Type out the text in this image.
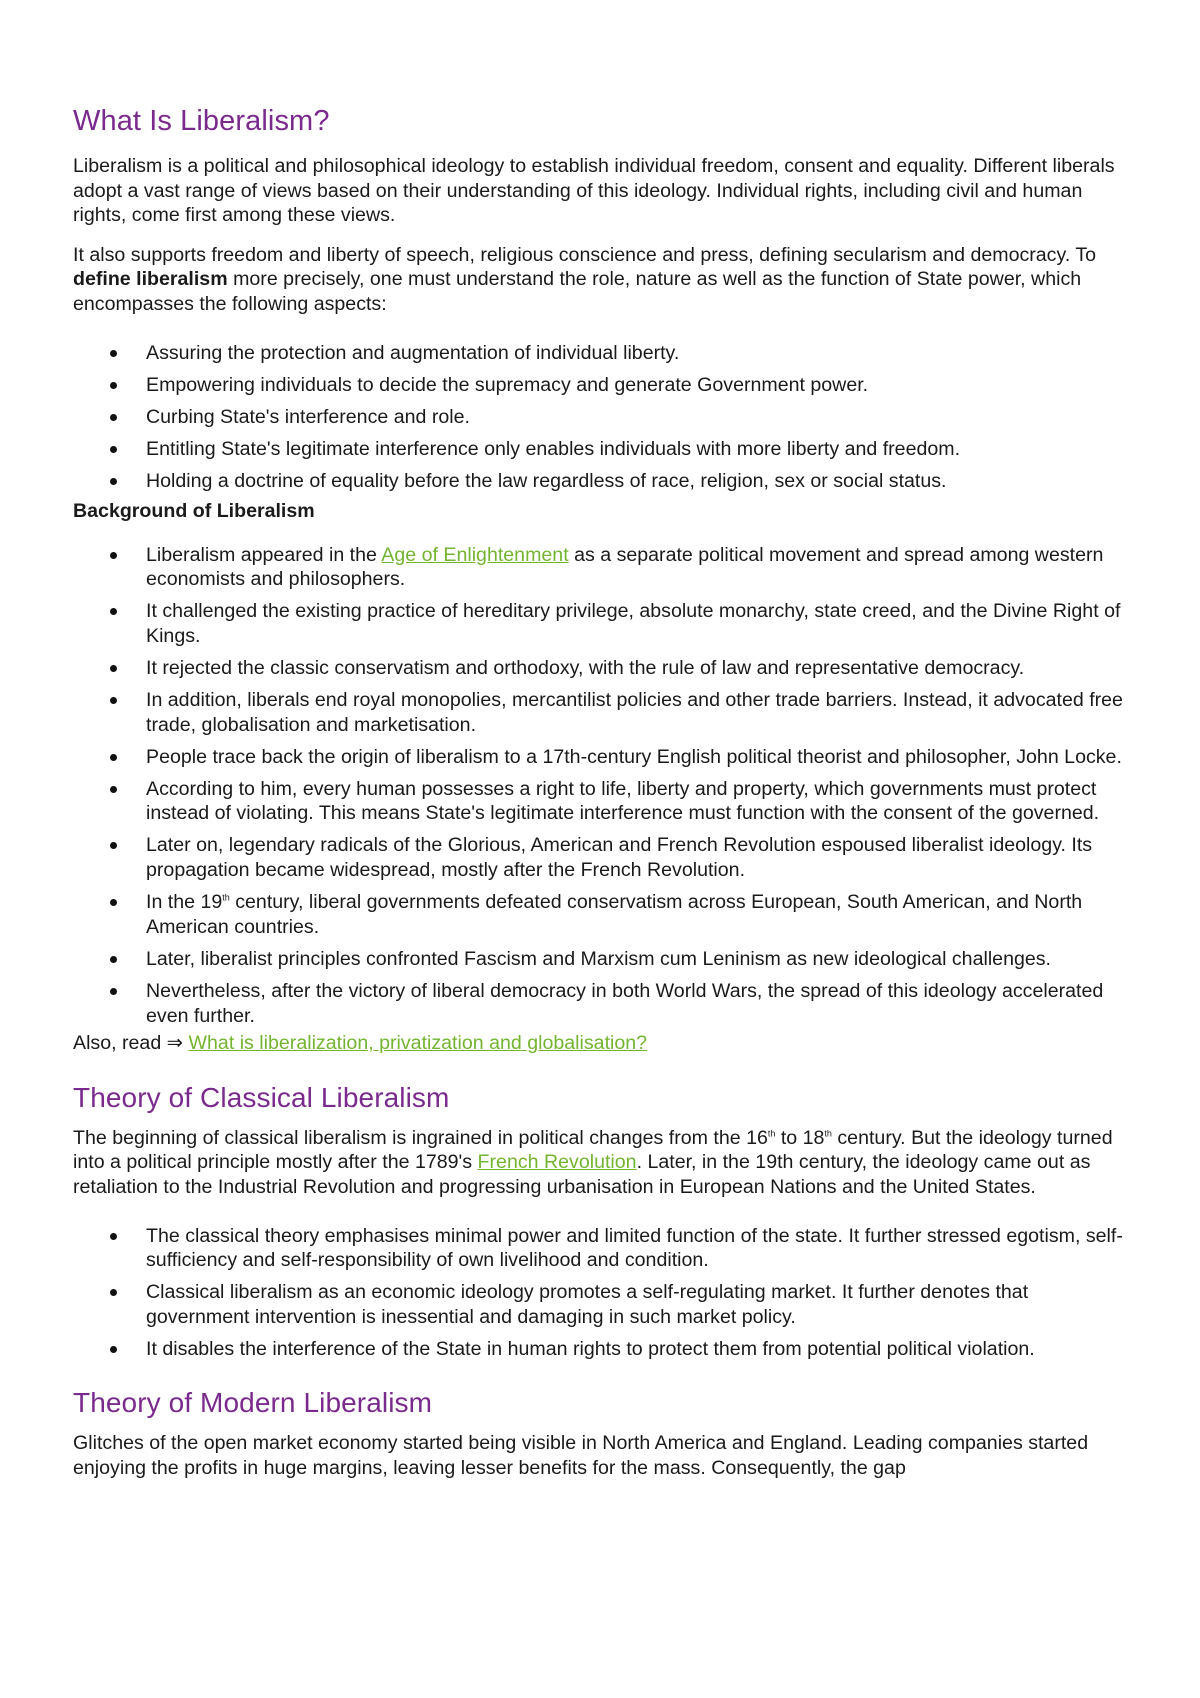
What Is Liberalism?

Liberalism is a political and philosophical ideology to establish individual freedom, consent and equality. Different liberals adopt a vast range of views based on their understanding of this ideology. Individual rights, including civil and human rights, come first among these views.

It also supports freedom and liberty of speech, religious conscience and press, defining secularism and democracy. To define liberalism more precisely, one must understand the role, nature as well as the function of State power, which encompasses the following aspects:

Assuring the protection and augmentation of individual liberty.
Empowering individuals to decide the supremacy and generate Government power.
Curbing State's interference and role.
Entitling State's legitimate interference only enables individuals with more liberty and freedom.
Holding a doctrine of equality before the law regardless of race, religion, sex or social status.
Background of Liberalism
Liberalism appeared in the Age of Enlightenment as a separate political movement and spread among western economists and philosophers.
It challenged the existing practice of hereditary privilege, absolute monarchy, state creed, and the Divine Right of Kings.
It rejected the classic conservatism and orthodoxy, with the rule of law and representative democracy.
In addition, liberals end royal monopolies, mercantilist policies and other trade barriers. Instead, it advocated free trade, globalisation and marketisation.
People trace back the origin of liberalism to a 17th-century English political theorist and philosopher, John Locke.
According to him, every human possesses a right to life, liberty and property, which governments must protect instead of violating. This means State's legitimate interference must function with the consent of the governed.
Later on, legendary radicals of the Glorious, American and French Revolution espoused liberalist ideology. Its propagation became widespread, mostly after the French Revolution.
In the 19th century, liberal governments defeated conservatism across European, South American, and North American countries.
Later, liberalist principles confronted Fascism and Marxism cum Leninism as new ideological challenges.
Nevertheless, after the victory of liberal democracy in both World Wars, the spread of this ideology accelerated even further.

Also, read ⇒ What is liberalization, privatization and globalisation?

Theory of Classical Liberalism

The beginning of classical liberalism is ingrained in political changes from the 16th to 18th century. But the ideology turned into a political principle mostly after the 1789's French Revolution. Later, in the 19th century, the ideology came out as retaliation to the Industrial Revolution and progressing urbanisation in European Nations and the United States.

The classical theory emphasises minimal power and limited function of the state. It further stressed egotism, self-sufficiency and self-responsibility of own livelihood and condition.
Classical liberalism as an economic ideology promotes a self-regulating market. It further denotes that government intervention is inessential and damaging in such market policy.
It disables the interference of the State in human rights to protect them from potential political violation.
Theory of Modern Liberalism

Glitches of the open market economy started being visible in North America and England. Leading companies started enjoying the profits in huge margins, leaving lesser benefits for the mass. Consequently, the gap
